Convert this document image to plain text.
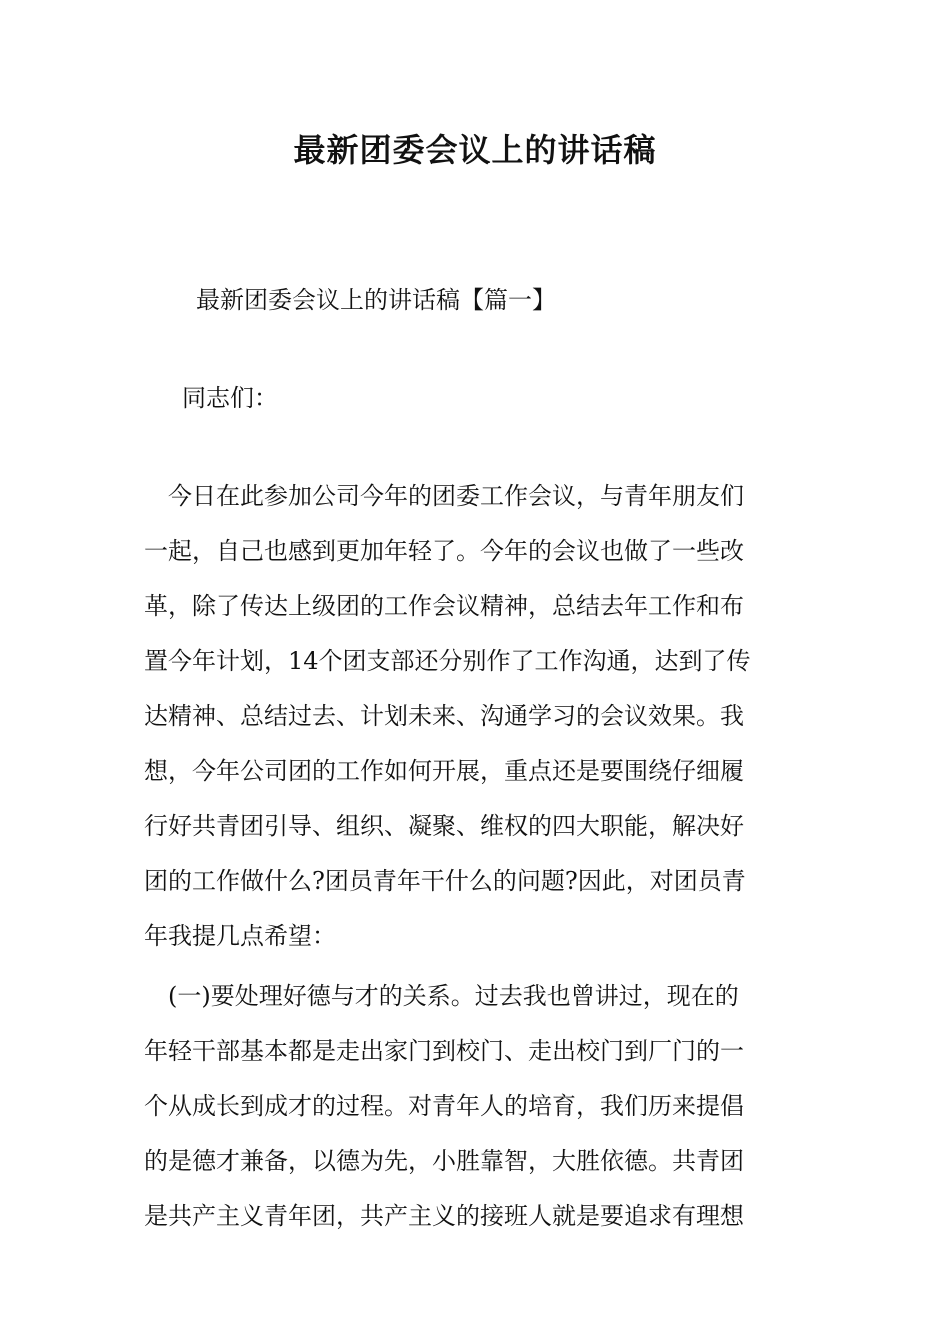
最新团委会议上的讲话稿

最新团委会议上的讲话稿【篇一】

同志们：

　今日在此参加公司今年的团委工作会议，与青年朋友们
一起，自己也感到更加年轻了。今年的会议也做了一些改
革，除了传达上级团的工作会议精神，总结去年工作和布
置今年计划，14个团支部还分别作了工作沟通，达到了传
达精神、总结过去、计划未来、沟通学习的会议效果。我
想，今年公司团的工作如何开展，重点还是要围绕仔细履
行好共青团引导、组织、凝聚、维权的四大职能，解决好
团的工作做什么?团员青年干什么的问题?因此，对团员青
年我提几点希望：
　(一)要处理好德与才的关系。过去我也曾讲过，现在的
年轻干部基本都是走出家门到校门、走出校门到厂门的一
个从成长到成才的过程。对青年人的培育，我们历来提倡
的是德才兼备，以德为先，小胜靠智，大胜依德。共青团
是共产主义青年团，共产主义的接班人就是要追求有理想
